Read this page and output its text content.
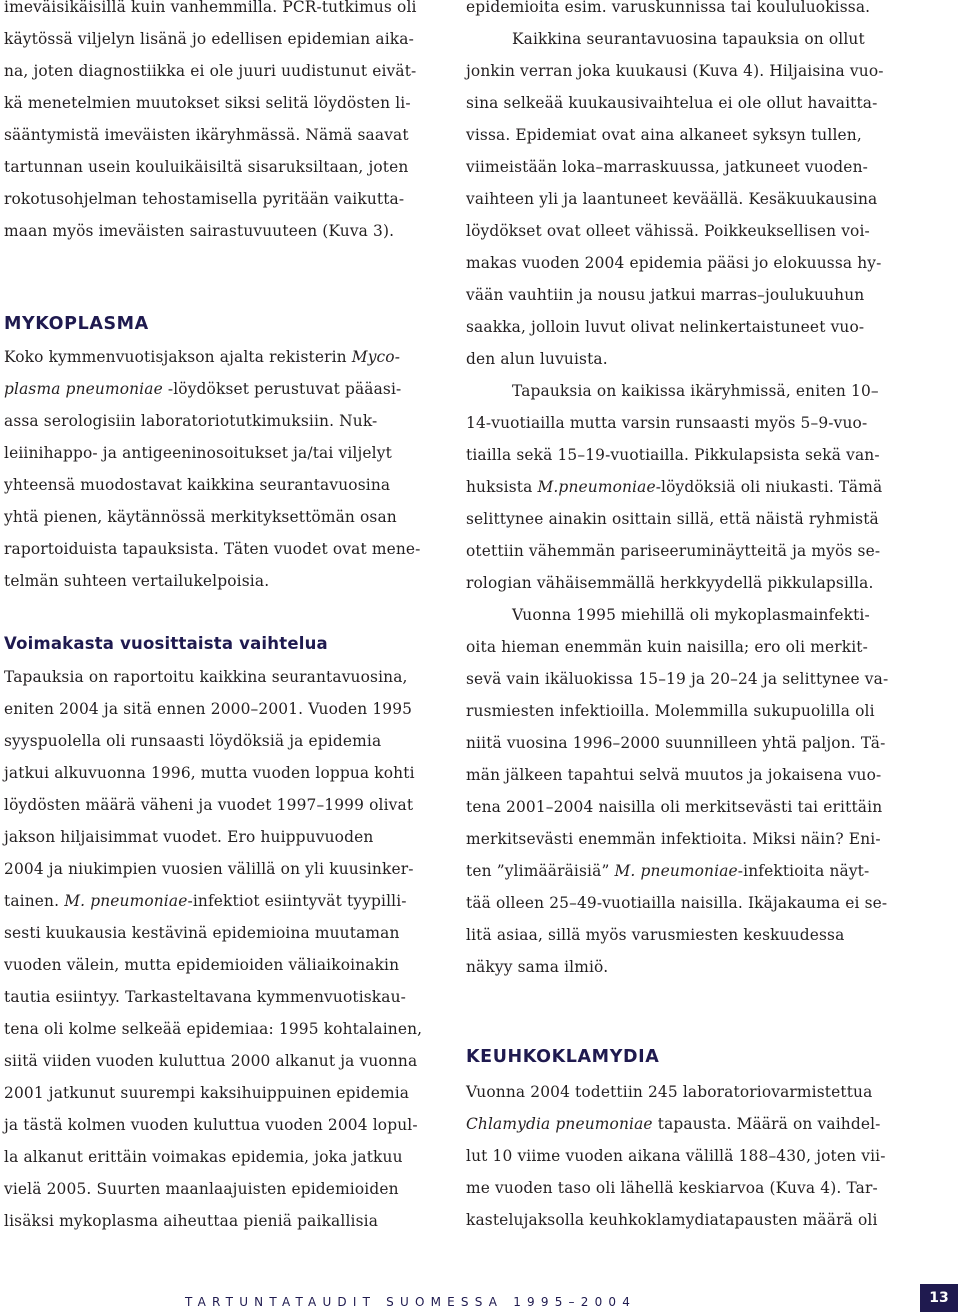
imeväisikäisillä kuin vanhemmilla. PCR-tutkimus oli
käytössä viljelyn lisänä jo edellisen epidemian aika-
na, joten diagnostiikka ei ole juuri uudistunut eivät-
kä menetelmien muutokset siksi selitä löydösten li-
sääntymistä imeväisten ikäryhmässä. Nämä saavat
tartunnan usein kouluikäisiltä sisaruksiltaan, joten
rokotusohjelman tehostamisella pyritään vaikutta-
maan myös imeväisten sairastuvuuteen (Kuva 3).
MYKOPLASMA
Koko kymmenvuotisjakson ajalta rekisterin Myco-
plasma pneumoniae -löydökset perustuvat pääasi-
assa serologisiin laboratoriotutkimuksiin. Nuk-
leiinihappo- ja antigeeninosoitukset ja/tai viljelyt
yhteensä muodostavat kaikkina seurantavuosina
yhtä pienen, käytännössä merkityksettömän osan
raportoiduista tapauksista. Täten vuodet ovat mene-
telmän suhteen vertailukelpoisia.
Voimakasta vuosittaista vaihtelua
Tapauksia on raportoitu kaikkina seurantavuosina,
eniten 2004 ja sitä ennen 2000–2001. Vuoden 1995
syyspuolella oli runsaasti löydöksiä ja epidemia
jatkui alkuvuonna 1996, mutta vuoden loppua kohti
löydösten määrä väheni ja vuodet 1997–1999 olivat
jakson hiljaisimmat vuodet. Ero huippuvuoden
2004 ja niukimpien vuosien välillä on yli kuusinker-
tainen. M. pneumoniae-infektiot esiintyvät tyypilli-
sesti kuukausia kestävinä epidemioina muutaman
vuoden välein, mutta epidemioiden väliaikoinakin
tautia esiintyy. Tarkasteltavana kymmenvuotiskau-
tena oli kolme selkeää epidemiaa: 1995 kohtalainen,
siitä viiden vuoden kuluttua 2000 alkanut ja vuonna
2001 jatkunut suurempi kaksihuippuinen epidemia
ja tästä kolmen vuoden kuluttua vuoden 2004 lopul-
la alkanut erittäin voimakas epidemia, joka jatkuu
vielä 2005. Suurten maanlaajuisten epidemioiden
lisäksi mykoplasma aiheuttaa pieniä paikallisia
epidemioita esim. varuskunnissa tai koululuokissa.
Kaikkina seurantavuosina tapauksia on ollut
jonkin verran joka kuukausi (Kuva 4). Hiljaisina vuo-
sina selkeää kuukausivaihtelua ei ole ollut havaitta-
vissa. Epidemiat ovat aina alkaneet syksyn tullen,
viimeistään loka–marraskuussa, jatkuneet vuoden-
vaihteen yli ja laantuneet keväällä. Kesäkuukausina
löydökset ovat olleet vähissä. Poikkeuksellisen voi-
makas vuoden 2004 epidemia pääsi jo elokuussa hy-
vään vauhtiin ja nousu jatkui marras–joulukuuhun
saakka, jolloin luvut olivat nelinkertaistuneet vuo-
den alun luvuista.
Tapauksia on kaikissa ikäryhmissä, eniten 10–
14-vuotiailla mutta varsin runsaasti myös 5–9-vuo-
tiailla sekä 15–19-vuotiailla. Pikkulapsista sekä van-
huksista M.pneumoniae-löydöksiä oli niukasti. Tämä
selittynee ainakin osittain sillä, että näistä ryhmistä
otettiin vähemmän pariseeruminäytteitä ja myös se-
rologian vähäisemmällä herkkyydellä pikkulapsilla.
Vuonna 1995 miehillä oli mykoplasmainfekti-
oita hieman enemmän kuin naisilla; ero oli merkit-
sevä vain ikäluokissa 15–19 ja 20–24 ja selittynee va-
rusmiesten infektioilla. Molemmilla sukupuolilla oli
niitä vuosina 1996–2000 suunnilleen yhtä paljon. Tä-
män jälkeen tapahtui selvä muutos ja jokaisena vuo-
tena 2001–2004 naisilla oli merkitsevästi tai erittäin
merkitsevästi enemmän infektioita. Miksi näin? Eni-
ten ”ylimääräisiä” M. pneumoniae-infektioita näyt-
tää olleen 25–49-vuotiailla naisilla. Ikäjakauma ei se-
litä asiaa, sillä myös varusmiesten keskuudessa
näkyy sama ilmiö.
KEUHKOKLAMYDIA
Vuonna 2004 todettiin 245 laboratoriovarmistettua
Chlamydia pneumoniae tapausta. Määrä on vaihdel-
lut 10 viime vuoden aikana välillä 188–430, joten vii-
me vuoden taso oli lähellä keskiarvoa (Kuva 4). Tar-
kastelujaksolla keuhkoklamydiatapausten määrä oli
TARTUNTATAUDIT SUOMESSA 1995–2004	13
